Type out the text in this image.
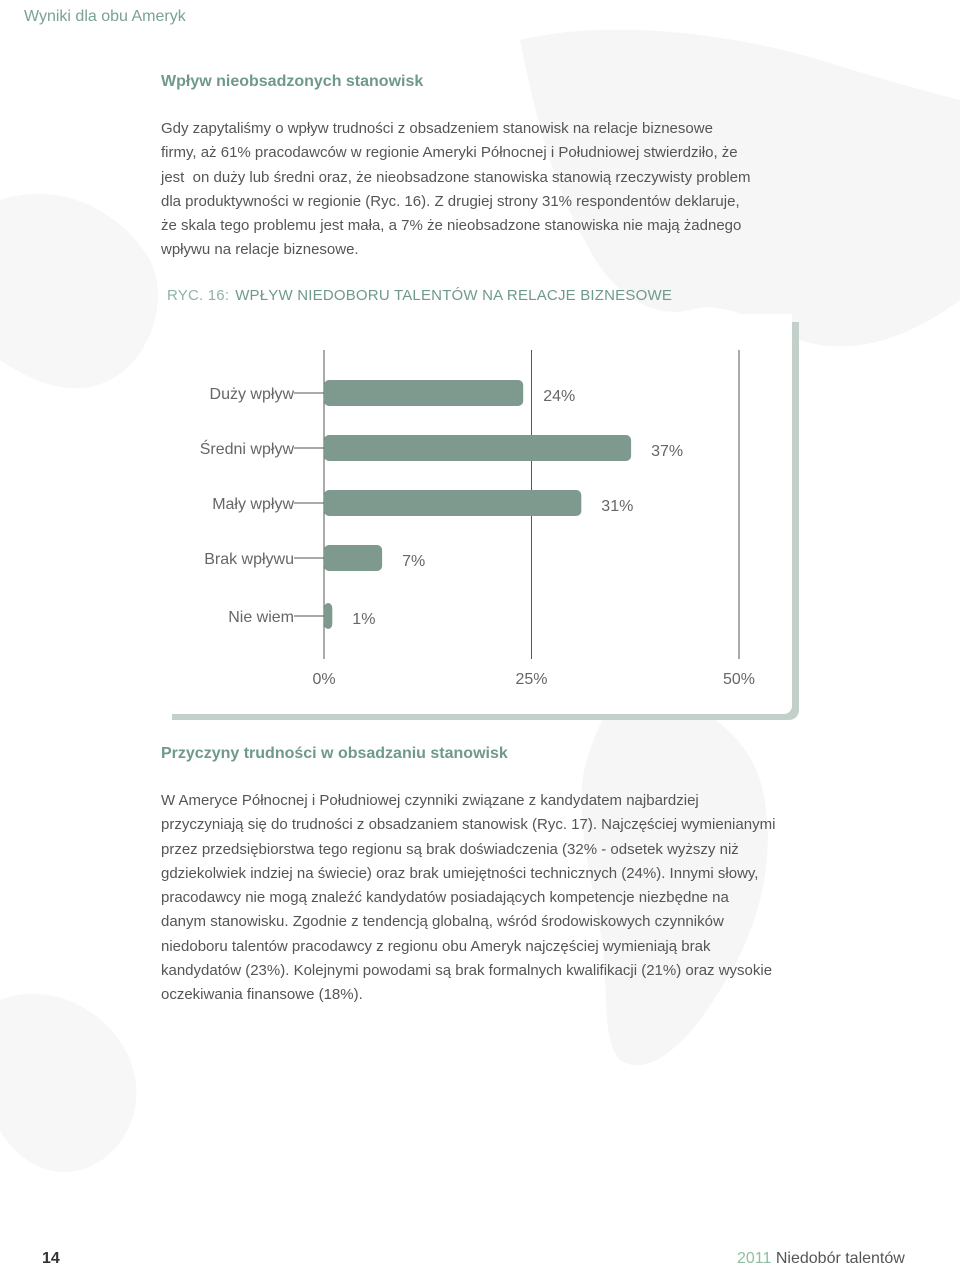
Wyniki dla obu Ameryk
Wpływ nieobsadzonych stanowisk
Gdy zapytaliśmy o wpływ trudności z obsadzeniem stanowisk na relacje biznesowe
firmy, aż 61% pracodawców w regionie Ameryki Północnej i Południowej stwierdziło, że
jest  on duży lub średni oraz, że nieobsadzone stanowiska stanowią rzeczywisty problem
dla produktywności w regionie (Ryc. 16). Z drugiej strony 31% respondentów deklaruje,
że skala tego problemu jest mała, a 7% że nieobsadzone stanowiska nie mają żadnego
wpływu na relacje biznesowe.
RYC. 16: WPŁYW NIEDOBORU TALENTÓW NA RELACJE BIZNESOWE
Duży wpływ	24%
Średni wpływ	37%
Mały wpływ	31%
Brak wpływu	7%
Nie wiem	1%
0%	25%	50%
Przyczyny trudności w obsadzaniu stanowisk
W Ameryce Północnej i Południowej czynniki związane z kandydatem najbardziej
przyczyniają się do trudności z obsadzaniem stanowisk (Ryc. 17). Najczęściej wymienianymi
przez przedsiębiorstwa tego regionu są brak doświadczenia (32% - odsetek wyższy niż
gdziekolwiek indziej na świecie) oraz brak umiejętności technicznych (24%). Innymi słowy,
pracodawcy nie mogą znaleźć kandydatów posiadających kompetencje niezbędne na
danym stanowisku. Zgodnie z tendencją globalną, wśród środowiskowych czynników
niedoboru talentów pracodawcy z regionu obu Ameryk najczęściej wymieniają brak
kandydatów (23%). Kolejnymi powodami są brak formalnych kwalifikacji (21%) oraz wysokie
oczekiwania finansowe (18%).
14	2011 Niedobór talentów
